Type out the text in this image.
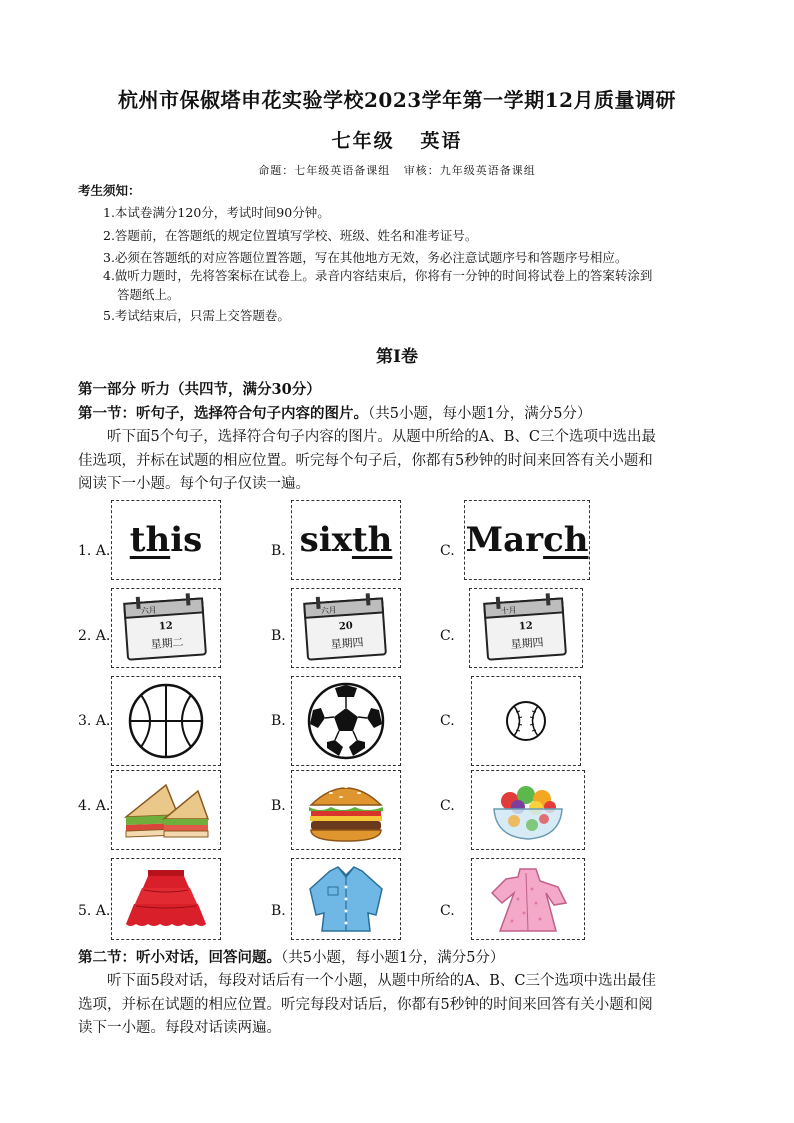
杭州市保俶塔申花实验学校2023学年第一学期12月质量调研
七年级   英语
命题：七年级英语备课组   审核：九年级英语备课组
考生须知：
1.本试卷满分120分，考试时间90分钟。
2.答题前，在答题纸的规定位置填写学校、班级、姓名和准考证号。
3.必须在答题纸的对应答题位置答题，写在其他地方无效，务必注意试题序号和答题序号相应。
4.做听力题时，先将答案标在试卷上。录音内容结束后，你将有一分钟的时间将试卷上的答案转涂到
答题纸上。
5.考试结束后，只需上交答题卷。
第I卷
第一部分 听力（共四节，满分30分）
第一节：听句子，选择符合句子内容的图片。（共5小题，每小题1分，满分5分）
听下面5个句子，选择符合句子内容的图片。从题中所给的A、B、C三个选项中选出最
佳选项，并标在试题的相应位置。听完每个句子后，你都有5秒钟的时间来回答有关小题和
阅读下一小题。每个句子仅读一遍。
1. A. this	B. sixth	C. March
2. A.	B.	C.
六月
12
星期二
六月
20
星期四
十月
12
星期四
3. A.	B.	C.
4. A.	B.	C.
5. A.	B.	C.
第二节：听小对话，回答问题。（共5小题，每小题1分，满分5分）
听下面5段对话，每段对话后有一个小题，从题中所给的A、B、C三个选项中选出最佳
选项，并标在试题的相应位置。听完每段对话后，你都有5秒钟的时间来回答有关小题和阅
读下一小题。每段对话读两遍。
